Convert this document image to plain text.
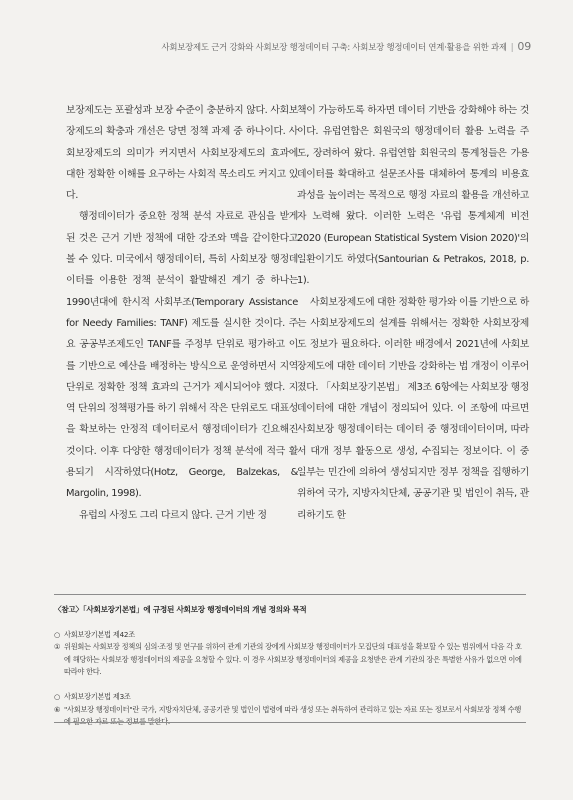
사회보장제도 근거 강화와 사회보장 행정데이터 구축: 사회보장 행정데이터 연계·활용을 위한 과제 | 09

보장제도는 포괄성과 보장 수준이 충분하지 않다. 사회보장제도의 확충과 개선은 당면 정책 과제 중 하나이다. 사회보장제도의 의미가 커지면서 사회보장제도의 효과에 대한 정확한 이해를 요구하는 사회적 목소리도 커지고 있다.

행정데이터가 중요한 정책 분석 자료로 관심을 받게 된 것은 근거 기반 정책에 대한 강조와 맥을 같이한다고 볼 수 있다. 미국에서 행정데이터, 특히 사회보장 행정데이터를 이용한 정책 분석이 활발해진 계기 중 하나는 1990년대에 한시적 사회부조(Temporary Assistance for Needy Families: TANF) 제도를 실시한 것이다. 주요 공공부조제도인 TANF를 주정부 단위로 평가하고 이를 기반으로 예산을 배정하는 방식으로 운영하면서 지역 단위로 정확한 정책 효과의 근거가 제시되어야 했다. 지역 단위의 정책평가를 하기 위해서 작은 단위로도 대표성을 확보하는 안정적 데이터로서 행정데이터가 긴요해진 것이다. 이후 다양한 행정데이터가 정책 분석에 적극 활용되기 시작하였다(Hotz, George, Balzekas, & Margolin, 1998).

유럽의 사정도 그리 다르지 않다. 근거 기반 정

책이 가능하도록 하자면 데이터 기반을 강화해야 하는 것이다. 유럽연합은 회원국의 행정데이터 활용 노력을 주도, 장려하여 왔다. 유럽연합 회원국의 통계청들은 가용 데이터를 확대하고 설문조사를 대체하여 통계의 비용효과성을 높이려는 목적으로 행정 자료의 활용을 개선하고자 노력해 왔다. 이러한 노력은 '유럽 통계체계 비전 2020 (European Statistical System Vision 2020)'의 일환이기도 하였다(Santourian & Petrakos, 2018, p. 1).

사회보장제도에 대한 정확한 평가와 이를 기반으로 하는 사회보장제도의 설계를 위해서는 정확한 사회보장제도 정보가 필요하다. 이러한 배경에서 2021년에 사회보장제도에 대한 데이터 기반을 강화하는 법 개정이 이루어졌다. 「사회보장기본법」 제3조 6항에는 사회보장 행정데이터에 대한 개념이 정의되어 있다. 이 조항에 따르면 사회보장 행정데이터는 데이터 중 행정데이터이며, 따라서 대개 정부 활동으로 생성, 수집되는 정보이다. 이 중 일부는 민간에 의하여 생성되지만 정부 정책을 집행하기 위하여 국가, 지방자치단체, 공공기관 및 법인이 취득, 관리하기도 한

〈참고〉「사회보장기본법」에 규정된 사회보장 행정데이터의 개념 정의와 목적
○ 사회보장기본법 제42조
① 위원회는 사회보장 정책의 심의·조정 및 연구를 위하여 관계 기관의 장에게 사회보장 행정데이터가 모집단의 대표성을 확보할 수 있는 범위에서 다음 각 호에 해당하는 사회보장 행정데이터의 제공을 요청할 수 있다. 이 경우 사회보장 행정데이터의 제공을 요청받은 관계 기관의 장은 특별한 사유가 없으면 이에 따라야 한다.
○ 사회보장기본법 제3조
⑥ "사회보장 행정데이터"란 국가, 지방자치단체, 공공기관 및 법인이 법령에 따라 생성 또는 취득하여 관리하고 있는 자료 또는 정보로서 사회보장 정책 수행에 필요한 자료 또는 정보를 말한다.
